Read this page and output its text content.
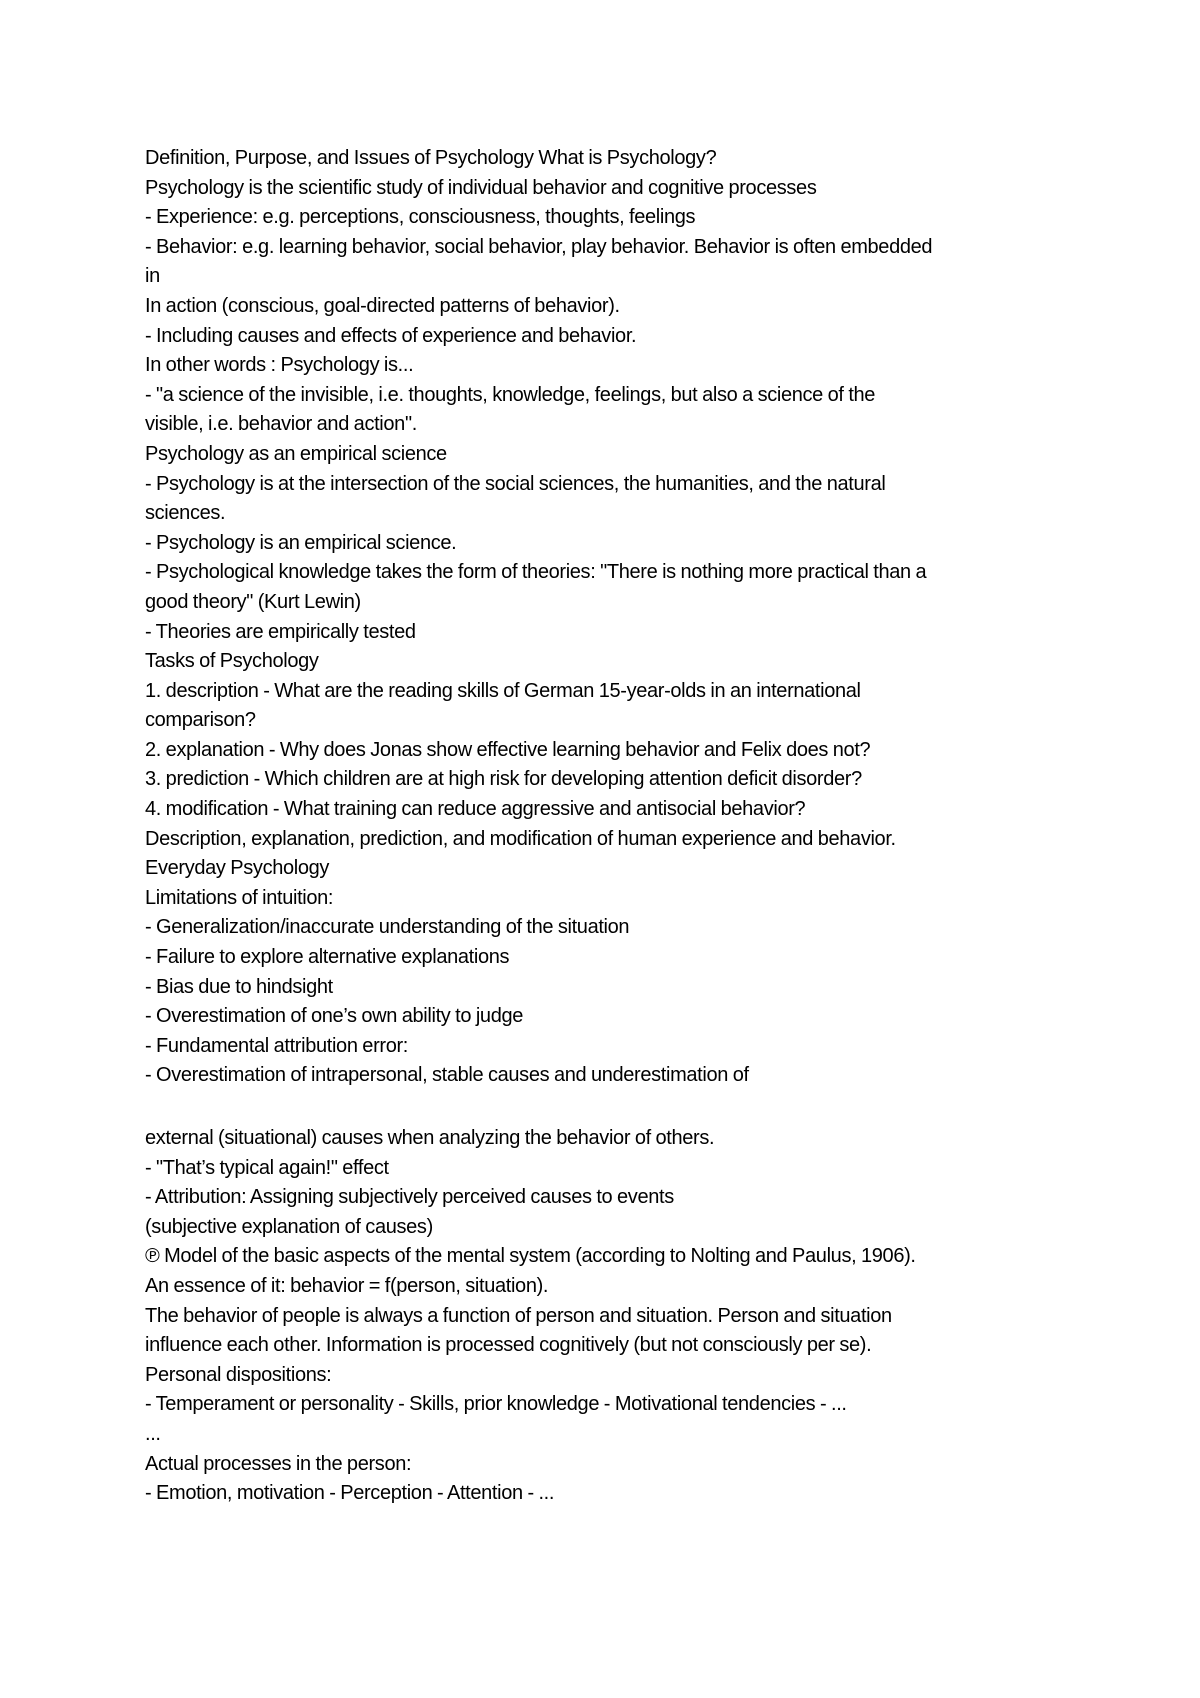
Definition, Purpose, and Issues of Psychology What is Psychology?
Psychology is the scientific study of individual behavior and cognitive processes
- Experience: e.g. perceptions, consciousness, thoughts, feelings
- Behavior: e.g. learning behavior, social behavior, play behavior. Behavior is often embedded
in
In action (conscious, goal-directed patterns of behavior).
- Including causes and effects of experience and behavior.
In other words : Psychology is...
- "a science of the invisible, i.e. thoughts, knowledge, feelings, but also a science of the
visible, i.e. behavior and action".
Psychology as an empirical science
- Psychology is at the intersection of the social sciences, the humanities, and the natural
sciences.
- Psychology is an empirical science.
- Psychological knowledge takes the form of theories: "There is nothing more practical than a
good theory" (Kurt Lewin)
- Theories are empirically tested
Tasks of Psychology
1. description - What are the reading skills of German 15-year-olds in an international
comparison?
2. explanation - Why does Jonas show effective learning behavior and Felix does not?
3. prediction - Which children are at high risk for developing attention deficit disorder?
4. modification - What training can reduce aggressive and antisocial behavior?
Description, explanation, prediction, and modification of human experience and behavior.
Everyday Psychology
Limitations of intuition:
- Generalization/inaccurate understanding of the situation
- Failure to explore alternative explanations
- Bias due to hindsight
- Overestimation of one’s own ability to judge
- Fundamental attribution error:
- Overestimation of intrapersonal, stable causes and underestimation of
external (situational) causes when analyzing the behavior of others.
- "That’s typical again!" effect
- Attribution: Assigning subjectively perceived causes to events
(subjective explanation of causes)
℗ Model of the basic aspects of the mental system (according to Nolting and Paulus, 1906).
An essence of it: behavior = f(person, situation).
The behavior of people is always a function of person and situation. Person and situation
influence each other. Information is processed cognitively (but not consciously per se).
Personal dispositions:
- Temperament or personality - Skills, prior knowledge - Motivational tendencies - ...
...
Actual processes in the person:
- Emotion, motivation - Perception - Attention - ...
